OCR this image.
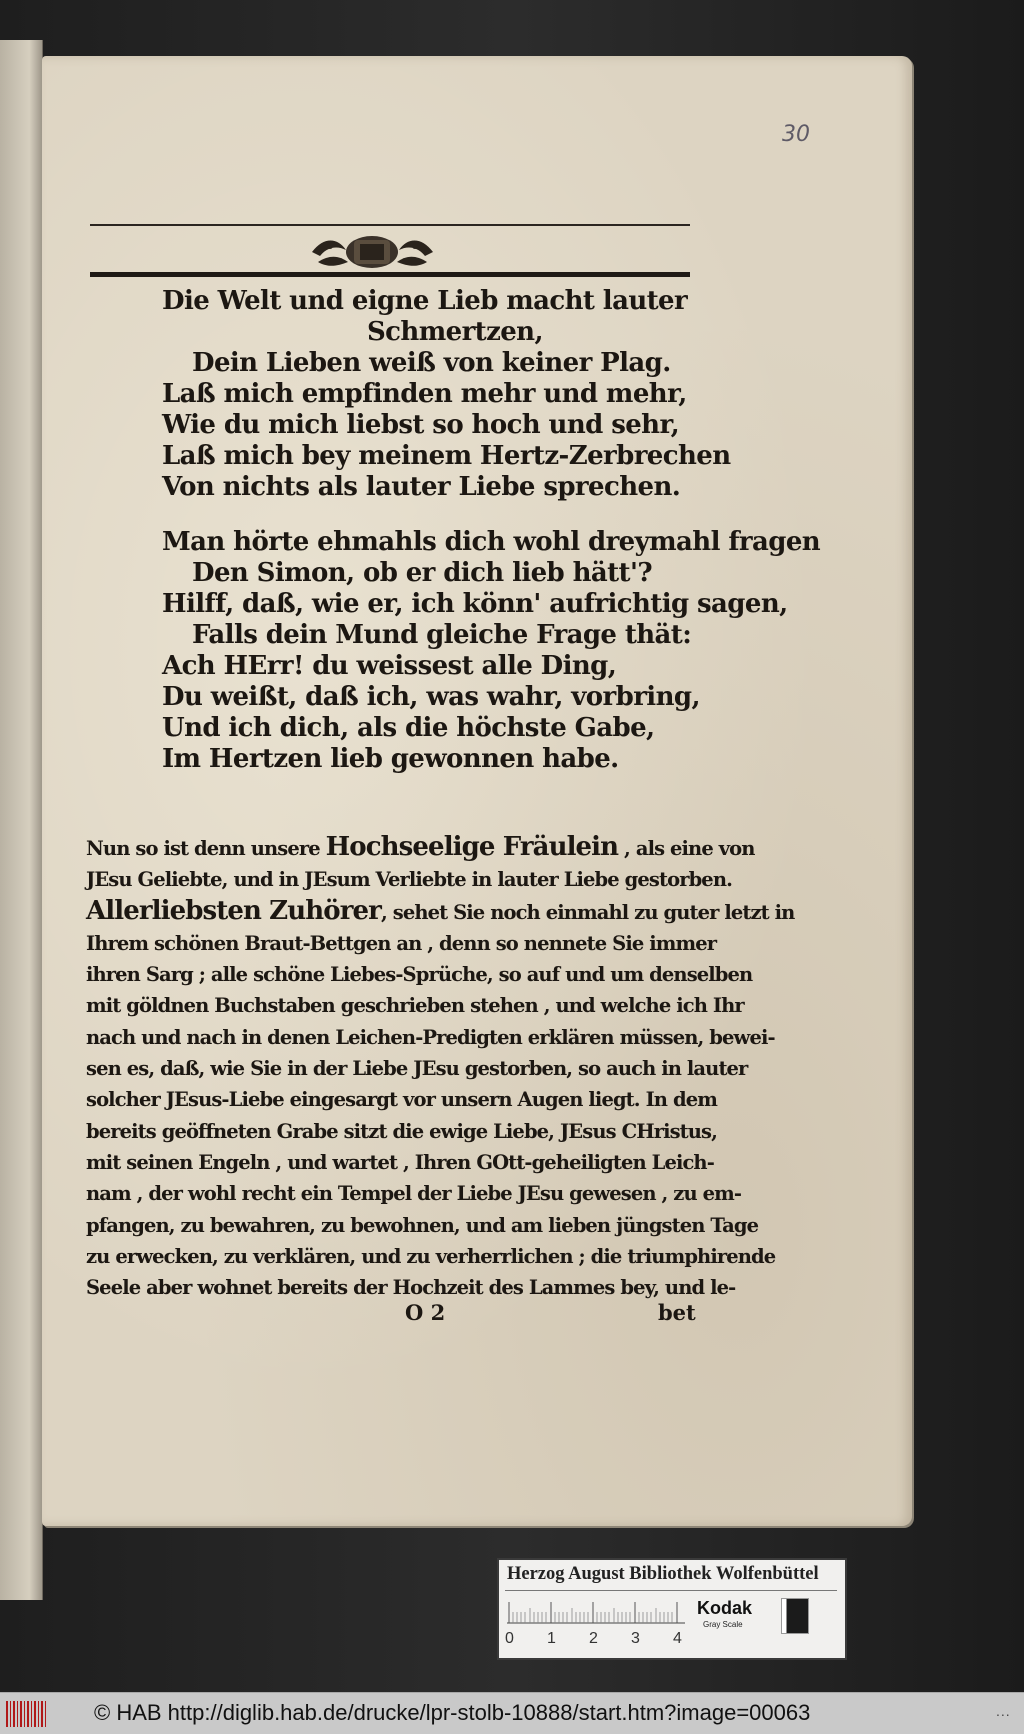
30
Die Welt und eigne Lieb macht lauter
Schmertzen,
Dein Lieben weiß von keiner Plag.
Laß mich empfinden mehr und mehr,
Wie du mich liebst so hoch und sehr,
Laß mich bey meinem Hertz-Zerbrechen
Von nichts als lauter Liebe sprechen.
Man hörte ehmahls dich wohl dreymahl fragen
Den Simon, ob er dich lieb hätt'?
Hilff, daß, wie er, ich könn' aufrichtig sagen,
Falls dein Mund gleiche Frage thät:
Ach HErr! du weissest alle Ding,
Du weißt, daß ich, was wahr, vorbring,
Und ich dich, als die höchste Gabe,
Im Hertzen lieb gewonnen habe.
Nun so ist denn unsere Hochseelige Fräulein , als eine von
JEsu Geliebte, und in JEsum Verliebte in lauter Liebe gestorben.
Allerliebsten Zuhörer, sehet Sie noch einmahl zu guter letzt in
Ihrem schönen Braut-Bettgen an , denn so nennete Sie immer
ihren Sarg ; alle schöne Liebes-Sprüche, so auf und um denselben
mit göldnen Buchstaben geschrieben stehen , und welche ich Ihr
nach und nach in denen Leichen-Predigten erklären müssen, bewei-
sen es, daß, wie Sie in der Liebe JEsu gestorben, so auch in lauter
solcher JEsus-Liebe eingesargt vor unsern Augen liegt. In dem
bereits geöffneten Grabe sitzt die ewige Liebe, JEsus CHristus,
mit seinen Engeln , und wartet , Ihren GOtt-geheiligten Leich-
nam , der wohl recht ein Tempel der Liebe JEsu gewesen , zu em-
pfangen, zu bewahren, zu bewohnen, und am lieben jüngsten Tage
zu erwecken, zu verklären, und zu verherrlichen ; die triumphirende
Seele aber wohnet bereits der Hochzeit des Lammes bey, und le-
O 2	bet
Herzog August Bibliothek Wolfenbüttel
0 1 2 3 4
Kodak
Gray Scale
© HAB http://diglib.hab.de/drucke/lpr-stolb-10888/start.htm?image=00063	...
